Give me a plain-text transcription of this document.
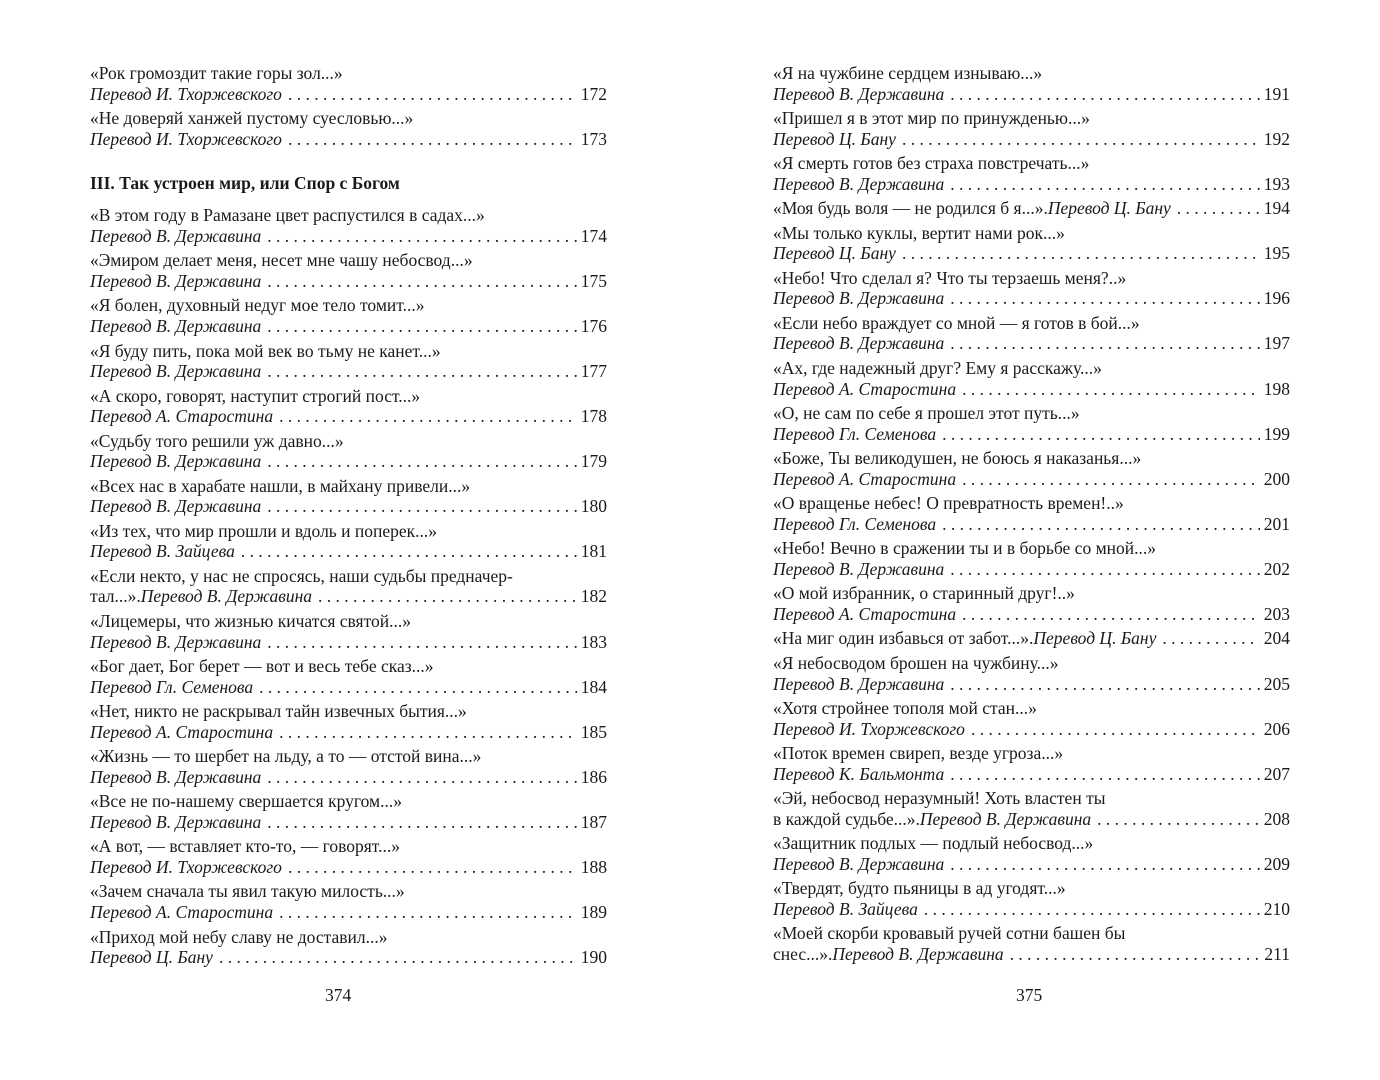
«Рок громоздит такие горы зол...»
Перевод И. Тхоржевского . . .	172
«Не доверяй ханжей пустому суесловью...»
Перевод И. Тхоржевского . . .	173
III. Так устроен мир, или Спор с Богом
«В этом году в Рамазане цвет распустился в садах...»
Перевод В. Державина . . .	174
«Эмиром делает меня, несет мне чашу небосвод...»
Перевод В. Державина . . .	175
«Я болен, духовный недуг мое тело томит...»
Перевод В. Державина . . .	176
«Я буду пить, пока мой век во тьму не канет...»
Перевод В. Державина . . .	177
«А скоро, говорят, наступит строгий пост...»
Перевод А. Старостина . . .	178
«Судьбу того решили уж давно...»
Перевод В. Державина . . .	179
«Всех нас в харабате нашли, в майхану привели...»
Перевод В. Державина . . .	180
«Из тех, что мир прошли и вдоль и поперек...»
Перевод В. Зайцева . . .	181
«Если некто, у нас не спросясь, наши судьбы предначер-
тал...». Перевод В. Державина . . .	182
«Лицемеры, что жизнью кичатся святой...»
Перевод В. Державина . . .	183
«Бог дает, Бог берет — вот и весь тебе сказ...»
Перевод Гл. Семенова . . .	184
«Нет, никто не раскрывал тайн извечных бытия...»
Перевод А. Старостина . . .	185
«Жизнь — то шербет на льду, а то — отстой вина...»
Перевод В. Державина . . .	186
«Все не по-нашему свершается кругом...»
Перевод В. Державина . . .	187
«А вот, — вставляет кто-то, — говорят...»
Перевод И. Тхоржевского . . .	188
«Зачем сначала ты явил такую милость...»
Перевод А. Старостина . . .	189
«Приход мой небу славу не доставил...»
Перевод Ц. Бану . . .	190
«Я на чужбине сердцем изнываю...»
Перевод В. Державина . . .	191
«Пришел я в этот мир по принужденью...»
Перевод Ц. Бану . . .	192
«Я смерть готов без страха повстречать...»
Перевод В. Державина . . .	193
«Моя будь воля — не родился б я...». Перевод Ц. Бану . . .	194
«Мы только куклы, вертит нами рок...»
Перевод Ц. Бану . . .	195
«Небо! Что сделал я? Что ты терзаешь меня?..»
Перевод В. Державина . . .	196
«Если небо враждует со мной — я готов в бой...»
Перевод В. Державина . . .	197
«Ах, где надежный друг? Ему я расскажу...»
Перевод А. Старостина . . .	198
«О, не сам по себе я прошел этот путь...»
Перевод Гл. Семенова . . .	199
«Боже, Ты великодушен, не боюсь я наказанья...»
Перевод А. Старостина . . .	200
«О вращенье небес! О превратность времен!..»
Перевод Гл. Семенова . . .	201
«Небо! Вечно в сражении ты и в борьбе со мной...»
Перевод В. Державина . . .	202
«О мой избранник, о старинный друг!..»
Перевод А. Старостина . . .	203
«На миг один избавься от забот...». Перевод Ц. Бану . . .	204
«Я небосводом брошен на чужбину...»
Перевод В. Державина . . .	205
«Хотя стройнее тополя мой стан...»
Перевод И. Тхоржевского . . .	206
«Поток времен свиреп, везде угроза...»
Перевод К. Бальмонта . . .	207
«Эй, небосвод неразумный! Хоть властен ты
в каждой судьбе...». Перевод В. Державина . . .	208
«Защитник подлых — подлый небосвод...»
Перевод В. Державина . . .	209
«Твердят, будто пьяницы в ад угодят...»
Перевод В. Зайцева . . .	210
«Моей скорби кровавый ручей сотни башен бы
снес...». Перевод В. Державина . . .	211
374	375
